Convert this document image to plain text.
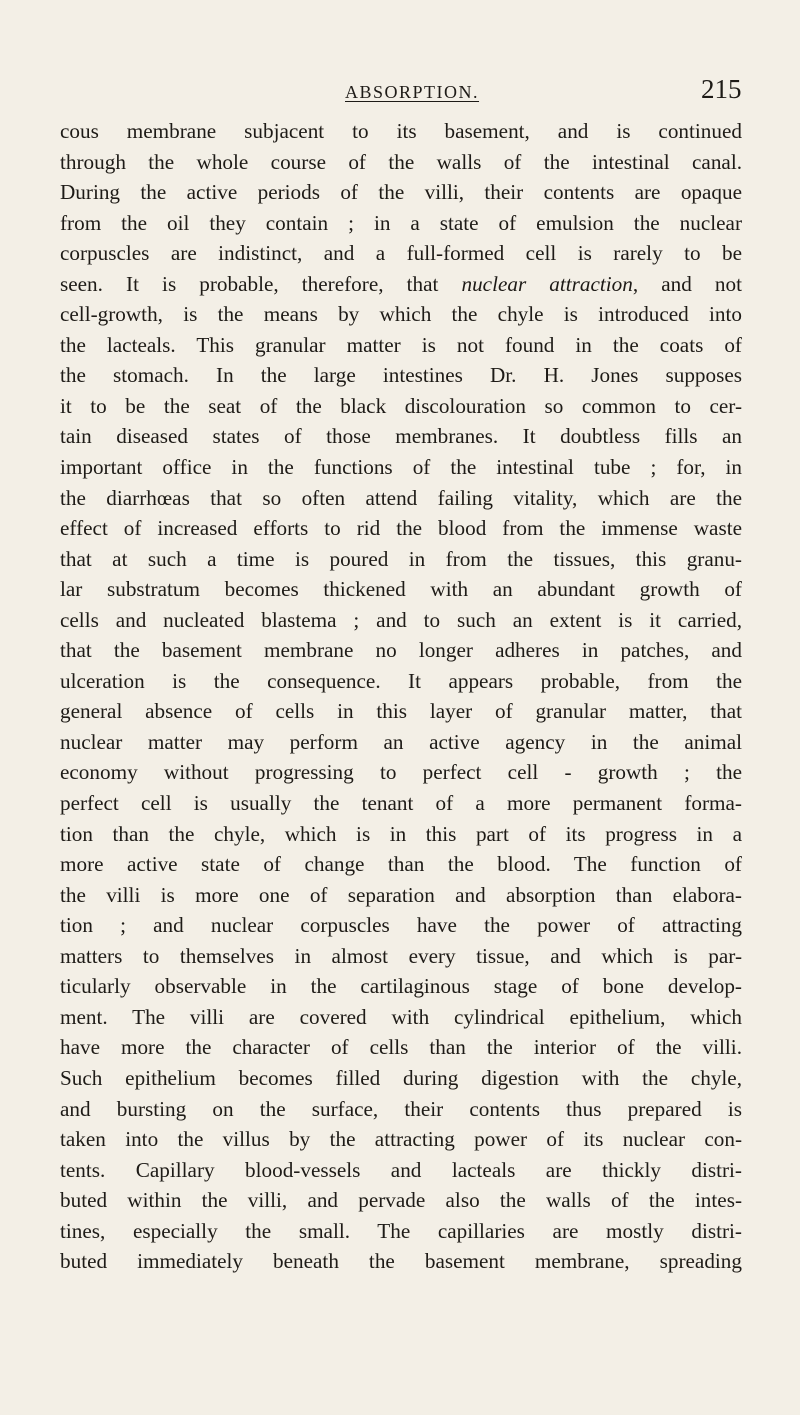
ABSORPTION.	215
cous membrane subjacent to its basement, and is continued
through the whole course of the walls of the intestinal canal.
During the active periods of the villi, their contents are opaque
from the oil they contain ; in a state of emulsion the nuclear
corpuscles are indistinct, and a full-formed cell is rarely to be
seen. It is probable, therefore, that nuclear attraction, and not
cell-growth, is the means by which the chyle is introduced into
the lacteals. This granular matter is not found in the coats of
the stomach. In the large intestines Dr. H. Jones supposes
it to be the seat of the black discolouration so common to cer-
tain diseased states of those membranes. It doubtless fills an
important office in the functions of the intestinal tube ; for, in
the diarrhœas that so often attend failing vitality, which are the
effect of increased efforts to rid the blood from the immense waste
that at such a time is poured in from the tissues, this granu-
lar substratum becomes thickened with an abundant growth of
cells and nucleated blastema ; and to such an extent is it carried,
that the basement membrane no longer adheres in patches, and
ulceration is the consequence. It appears probable, from the
general absence of cells in this layer of granular matter, that
nuclear matter may perform an active agency in the animal
economy without progressing to perfect cell - growth ; the
perfect cell is usually the tenant of a more permanent forma-
tion than the chyle, which is in this part of its progress in a
more active state of change than the blood. The function of
the villi is more one of separation and absorption than elabora-
tion ; and nuclear corpuscles have the power of attracting
matters to themselves in almost every tissue, and which is par-
ticularly observable in the cartilaginous stage of bone develop-
ment. The villi are covered with cylindrical epithelium, which
have more the character of cells than the interior of the villi.
Such epithelium becomes filled during digestion with the chyle,
and bursting on the surface, their contents thus prepared is
taken into the villus by the attracting power of its nuclear con-
tents. Capillary blood-vessels and lacteals are thickly distri-
buted within the villi, and pervade also the walls of the intes-
tines, especially the small. The capillaries are mostly distri-
buted immediately beneath the basement membrane, spreading
